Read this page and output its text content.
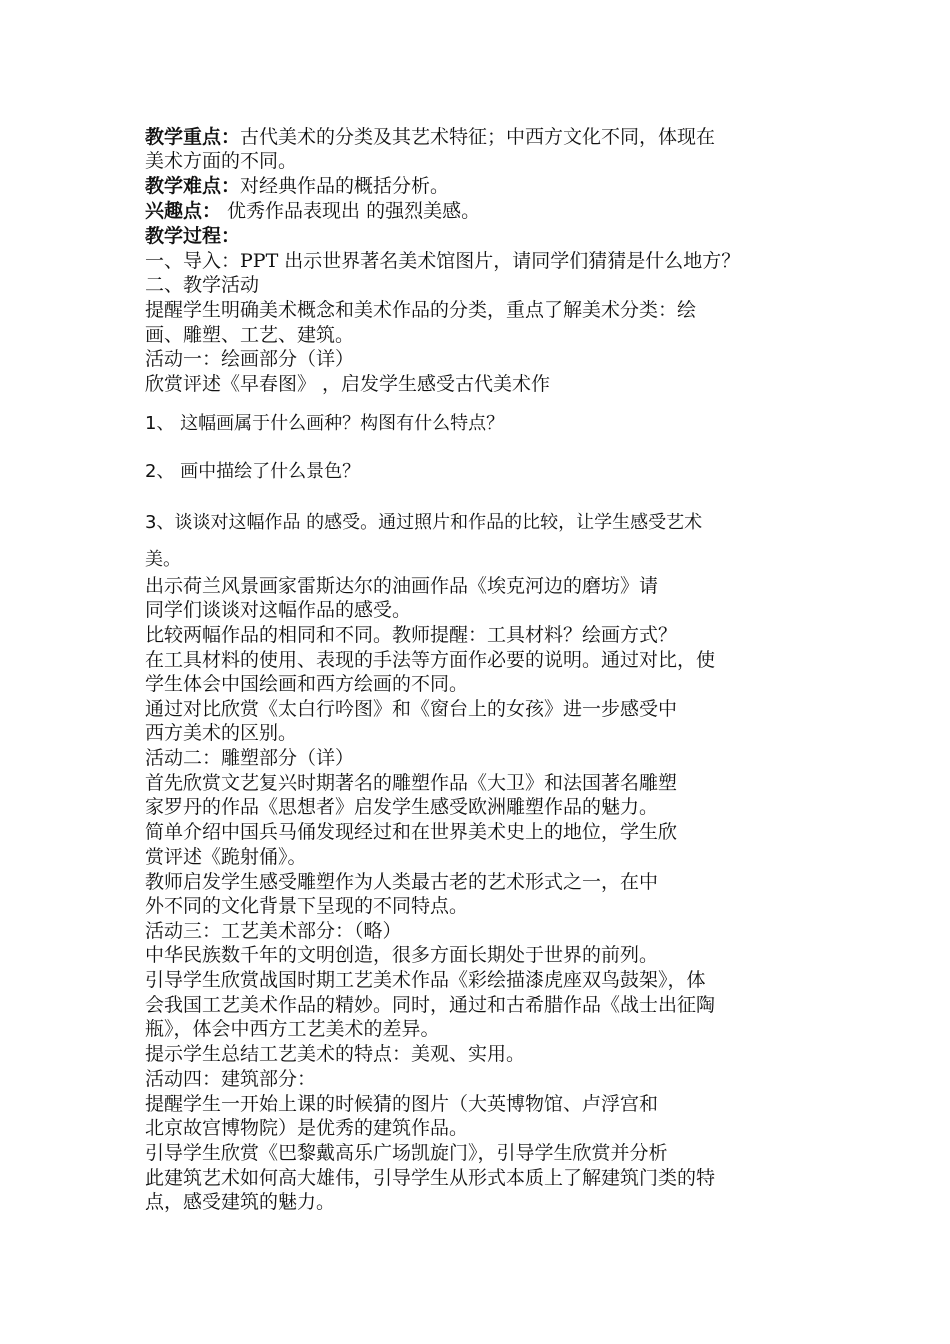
教学重点：古代美术的分类及其艺术特征；中西方文化不同，体现在
美术方面的不同。
教学难点：对经典作品的概括分析。
兴趣点： 优秀作品表现出 的强烈美感。
教学过程：
一、导入：PPT 出示世界著名美术馆图片，请同学们猜猜是什么地方？
二、教学活动
提醒学生明确美术概念和美术作品的分类，重点了解美术分类：绘
画、雕塑、工艺、建筑。
活动一：绘画部分（详）
欣赏评述《早春图》 ，启发学生感受古代美术作
1、 这幅画属于什么画种？构图有什么特点？
2、 画中描绘了什么景色？
3、谈谈对这幅作品 的感受。通过照片和作品的比较，让学生感受艺术
美。
出示荷兰风景画家雷斯达尔的油画作品《埃克河边的磨坊》请
同学们谈谈对这幅作品的感受。
比较两幅作品的相同和不同。教师提醒：工具材料？绘画方式？
在工具材料的使用、表现的手法等方面作必要的说明。通过对比，使
学生体会中国绘画和西方绘画的不同。
通过对比欣赏《太白行吟图》和《窗台上的女孩》进一步感受中
西方美术的区别。
活动二：雕塑部分（详）
首先欣赏文艺复兴时期著名的雕塑作品《大卫》和法国著名雕塑
家罗丹的作品《思想者》启发学生感受欧洲雕塑作品的魅力。
简单介绍中国兵马俑发现经过和在世界美术史上的地位，学生欣
赏评述《跪射俑》。
教师启发学生感受雕塑作为人类最古老的艺术形式之一，在中
外不同的文化背景下呈现的不同特点。
活动三：工艺美术部分：（略）
中华民族数千年的文明创造，很多方面长期处于世界的前列。
引导学生欣赏战国时期工艺美术作品《彩绘描漆虎座双鸟鼓架》，体
会我国工艺美术作品的精妙。同时，通过和古希腊作品《战士出征陶
瓶》，体会中西方工艺美术的差异。
提示学生总结工艺美术的特点：美观、实用。
活动四：建筑部分：
提醒学生一开始上课的时候猜的图片（大英博物馆、卢浮宫和
北京故宫博物院）是优秀的建筑作品。
引导学生欣赏《巴黎戴高乐广场凯旋门》，引导学生欣赏并分析
此建筑艺术如何高大雄伟，引导学生从形式本质上了解建筑门类的特
点，感受建筑的魅力。
